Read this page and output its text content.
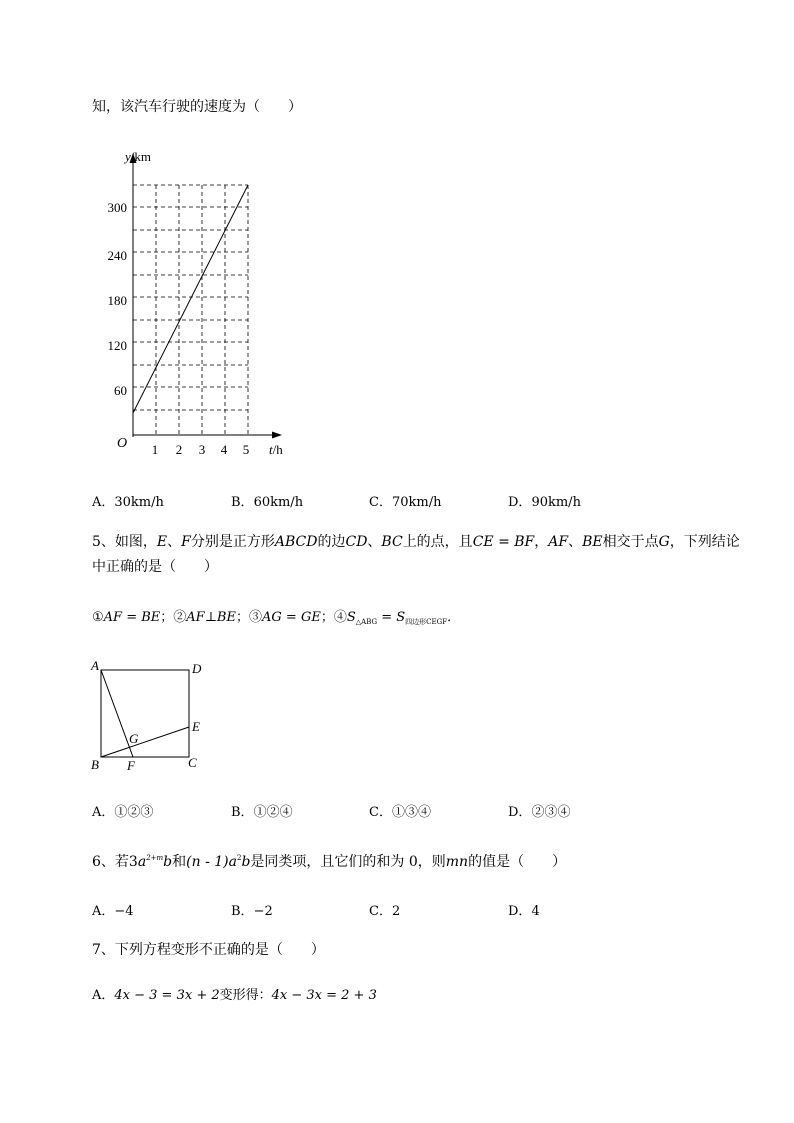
知，该汽车行驶的速度为（　　）
y/km
O
60
120
180
240
300
1 2 3 4 5 t/h
A．30km/h	B．60km/h	C．70km/h	D．90km/h
5、如图，E、F分别是正方形ABCD的边CD、BC上的点，且CE = BF，AF、BE相交于点G，下列结论
中正确的是（　　）
①AF = BE；②AF⊥BE；③AG = GE；$④S_{\triangle ABG} = S_{四边形CEGF}$．
A	D
E
G
B F	C
A．①②③	B．①②④	C．①③④	D．②③④
6、若$3a^{2+m}b$和$(n - 1)a^2b$是同类项，且它们的和为 0，则mn的值是（　　）
A．−4	B．−2	C．2	D．4
7、下列方程变形不正确的是（　　）
A．4x − 3 = 3x + 2变形得：4x − 3x = 2 + 3
